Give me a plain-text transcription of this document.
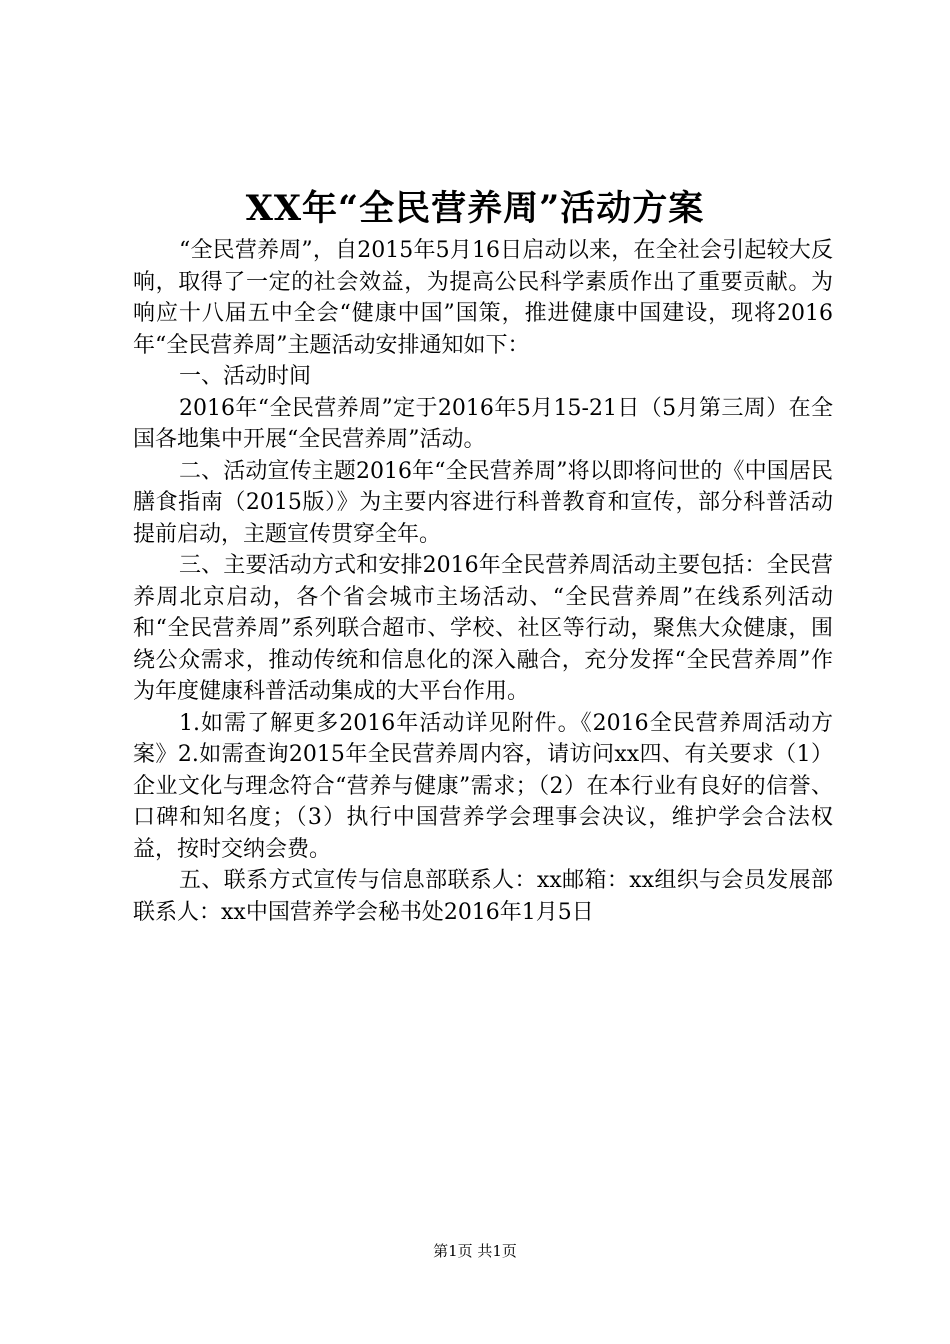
XX年“全民营养周”活动方案

“全民营养周”，自2015年5月16日启动以来，在全社会引起较大反响，取得了一定的社会效益，为提高公民科学素质作出了重要贡献。为响应十八届五中全会“健康中国”国策，推进健康中国建设，现将2016年“全民营养周”主题活动安排通知如下：

一、活动时间

2016年“全民营养周”定于2016年5月15-21日（5月第三周）在全国各地集中开展“全民营养周”活动。

二、活动宣传主题2016年“全民营养周”将以即将问世的《中国居民膳食指南（2015版）》为主要内容进行科普教育和宣传，部分科普活动提前启动，主题宣传贯穿全年。

三、主要活动方式和安排2016年全民营养周活动主要包括：全民营养周北京启动，各个省会城市主场活动、“全民营养周”在线系列活动和“全民营养周”系列联合超市、学校、社区等行动，聚焦大众健康，围绕公众需求，推动传统和信息化的深入融合，充分发挥“全民营养周”作为年度健康科普活动集成的大平台作用。

1.如需了解更多2016年活动详见附件。《2016全民营养周活动方案》2.如需查询2015年全民营养周内容，请访问xx四、有关要求（1）企业文化与理念符合“营养与健康”需求；（2）在本行业有良好的信誉、口碑和知名度；（3）执行中国营养学会理事会决议，维护学会合法权益，按时交纳会费。

五、联系方式宣传与信息部联系人：xx邮箱：xx组织与会员发展部联系人：xx中国营养学会秘书处2016年1月5日

第1页 共1页
